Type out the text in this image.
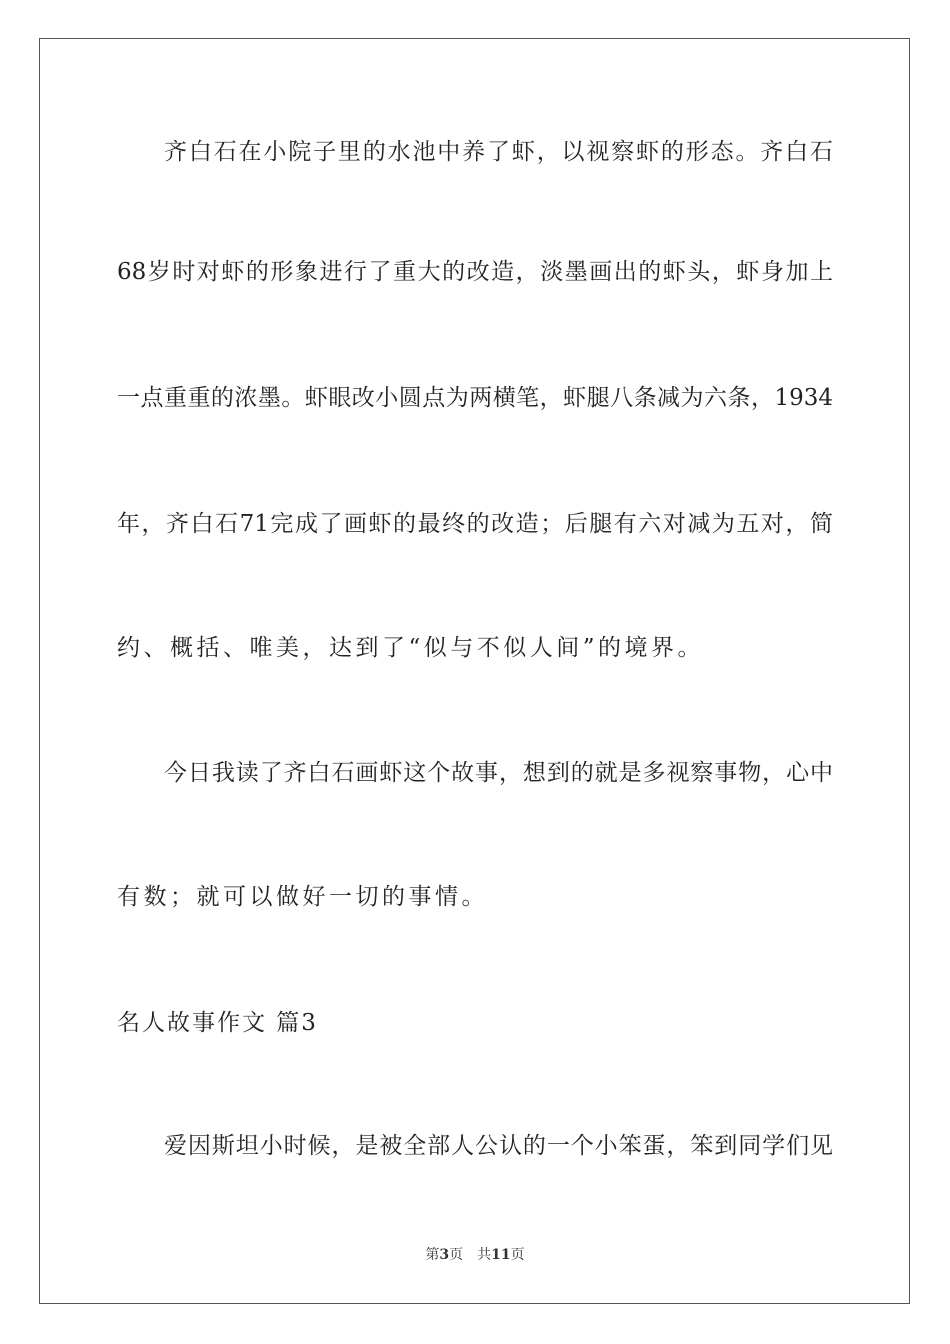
齐白石在小院子里的水池中养了虾，以视察虾的形态。齐白石

68岁时对虾的形象进行了重大的改造，淡墨画出的虾头，虾身加上

一点重重的浓墨。虾眼改小圆点为两横笔，虾腿八条减为六条，1934

年，齐白石71完成了画虾的最终的改造；后腿有六对减为五对，简

约、概括、唯美，达到了“似与不似人间”的境界。

今日我读了齐白石画虾这个故事，想到的就是多视察事物，心中

有数；就可以做好一切的事情。

名人故事作文 篇3

爱因斯坦小时候，是被全部人公认的一个小笨蛋，笨到同学们见

第3页 共11页
